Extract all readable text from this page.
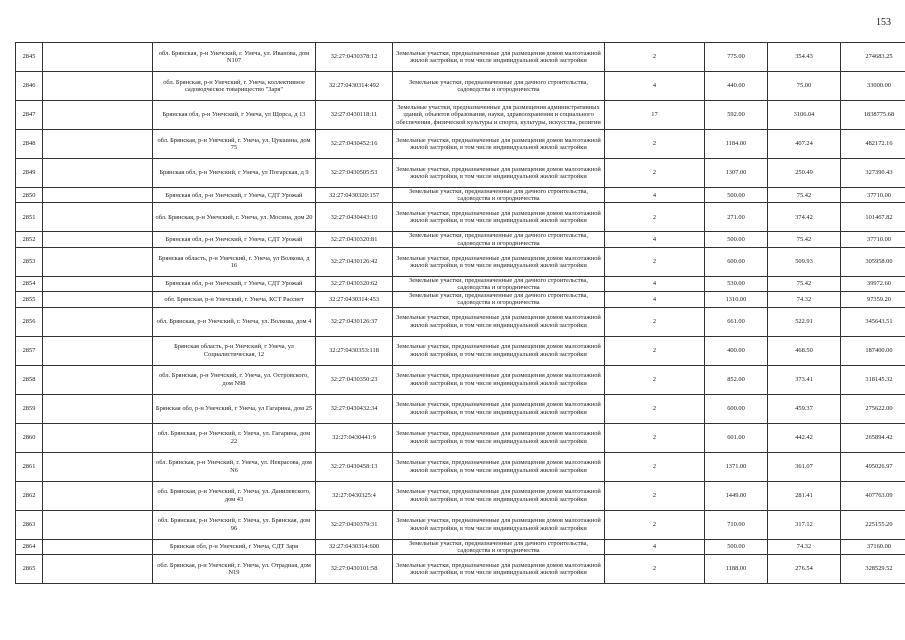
153
2845		обл. Брянская, р-н Унечский, г. Унеча, ул. Иванова, дом N107	32:27:0430378:12	Земельные участки, предназначенные для размещения домов малоэтажной жилой застройки, в том числе индивидуальной жилой застройки	2	775.00	354.43	274683.25
2846		обл. Брянская, р-н Унечский, г. Унеча, коллективное садоводческое товарищество "Заря"	32:27:0430314:492	Земельные участки, предназначенные для дачного строительства, садоводства и огородничества	4	440.00	75.00	33000.00
2847		Брянская обл, р-н Унечский, г Унеча, ул Щорса, д 13	32:27:0430118:11	Земельные участки, предназначенные для размещения административных зданий, объектов образования, науки, здравоохранения и социального обеспечения, физической культуры и спорта, культуры, искусства, религии	17	592.00	3106.04	1838775.68
2848		обл. Брянская, р-н Унечский, г. Унеча, ул. Цукшина, дом 75	32:27:0430452:16	Земельные участки, предназначенные для размещения домов малоэтажной жилой застройки, в том числе индивидуальной жилой застройки	2	1184.00	407.24	482172.16
2849		Брянская обл, р-н Унечский, г Унеча, ул Погарская, д 9	32:27:0430505:53	Земельные участки, предназначенные для размещения домов малоэтажной жилой застройки, в том числе индивидуальной жилой застройки	2	1307.00	250.49	327390.43
2850		Брянская обл, р-н Унечский, г Унеча, СДТ Урожай	32:27:0430320:157	Земельные участки, предназначенные для дачного строительства, садоводства и огородничества	4	500.00	75.42	37710.00
2851		обл. Брянская, р-н Унечский, г. Унеча, ул. Мосина, дом 20	32:27:0430443:10	Земельные участки, предназначенные для размещения домов малоэтажной жилой застройки, в том числе индивидуальной жилой застройки	2	271.00	374.42	101467.82
2852		Брянская обл, р-н Унечский, г Унеча, СДТ Урожай	32:27:0430320:81	Земельные участки, предназначенные для дачного строительства, садоводства и огородничества	4	500.00	75.42	37710.00
2853		Брянская область, р-н Унечский, г. Унеча, ул Волкова, д 16	32:27:0430126:42	Земельные участки, предназначенные для размещения домов малоэтажной жилой застройки, в том числе индивидуальной жилой застройки	2	600.00	509.93	305958.00
2854		Брянская обл, р-н Унечский, г Унеча, СДТ Урожай	32:27:0430320:62	Земельные участки, предназначенные для дачного строительства, садоводства и огородничества	4	530.00	75.42	39972.60
2855		обл. Брянская, р-н Унечский, г. Унеча, КСТ Рассвет	32:27:0430314:453	Земельные участки, предназначенные для дачного строительства, садоводства и огородничества	4	1310.00	74.32	97359.20
2856		обл. Брянская, р-н Унечский, г. Унеча, ул. Волкова, дом 4	32:27:0430126:37	Земельные участки, предназначенные для размещения домов малоэтажной жилой застройки, в том числе индивидуальной жилой застройки	2	661.00	522.91	345643.51
2857		Брянская область, р-н Унечский, г Унеча, ул Социалистическая, 12	32:27:0430353:118	Земельные участки, предназначенные для размещения домов малоэтажной жилой застройки, в том числе индивидуальной жилой застройки	2	400.00	468.50	187400.00
2858		обл. Брянская, р-н Унечский, г. Унеча, ул. Островского, дом N98	32:27:0430350:23	Земельные участки, предназначенные для размещения домов малоэтажной жилой застройки, в том числе индивидуальной жилой застройки	2	852.00	373.41	318145.32
2859		Брянская обл, р-н Унечский, г Унеча, ул Гагарина, дом 25	32:27:0430432:34	Земельные участки, предназначенные для размещения домов малоэтажной жилой застройки, в том числе индивидуальной жилой застройки	2	600.00	459.37	275622.00
2860		обл. Брянская, р-н Унечский, г. Унеча, ул. Гагарина, дом 22	32:27:0430441:9	Земельные участки, предназначенные для размещения домов малоэтажной жилой застройки, в том числе индивидуальной жилой застройки	2	601.00	442.42	265894.42
2861		обл. Брянская, р-н Унечский, г. Унеча, ул. Некрасова, дом N6	32:27:0430458:13	Земельные участки, предназначенные для размещения домов малоэтажной жилой застройки, в том числе индивидуальной жилой застройки	2	1371.00	361.07	495026.97
2862		обл. Брянская, р-н Унечский, г. Унеча, ул. Данилевского, дом 43	32:27:0430325:4	Земельные участки, предназначенные для размещения домов малоэтажной жилой застройки, в том числе индивидуальной жилой застройки	2	1449.00	281.41	407763.09
2863		обл. Брянская, р-н Унечский, г. Унеча, ул. Брянская, дом 96	32:27:0430379:31	Земельные участки, предназначенные для размещения домов малоэтажной жилой застройки, в том числе индивидуальной жилой застройки	2	710.00	317.12	225155.20
2864		Брянская обл, р-н Унечский, г Унеча, СДТ Заря	32:27:0430314:600	Земельные участки, предназначенные для дачного строительства, садоводства и огородничества	4	500.00	74.32	37160.00
2865		обл. Брянская, р-н Унечский, г. Унеча, ул. Отрадная, дом N19	32:27:0430101:58	Земельные участки, предназначенные для размещения домов малоэтажной жилой застройки, в том числе индивидуальной жилой застройки	2	1188.00	276.54	328529.52
